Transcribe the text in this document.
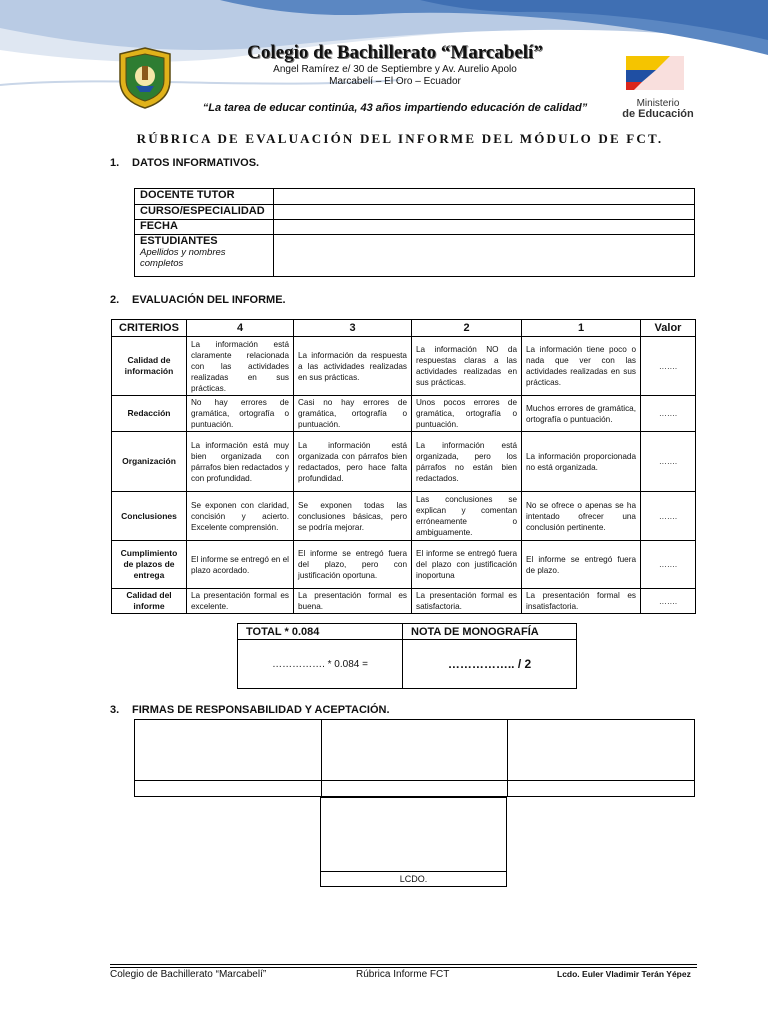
Ministerio
de Educación
Colegio de Bachillerato “Marcabelí”
Angel Ramírez e/ 30 de Septiembre y Av. Aurelio Apolo
Marcabelí – El Oro – Ecuador
“La tarea de educar continúa, 43 años impartiendo educación de calidad”
RÚBRICA DE EVALUACIÓN DEL INFORME DEL MÓDULO DE FCT.
1. DATOS INFORMATIVOS.
DOCENTE TUTOR	
CURSO/ESPECIALIDAD	
FECHA	
ESTUDIANTES
Apellidos y nombres completos	

2. EVALUACIÓN DEL INFORME.
CRITERIOS	4	3	2	1	Valor
Calidad de información	La información está claramente relacionada con las actividades realizadas en sus prácticas.	La información da respuesta a las actividades realizadas en sus prácticas.	La información NO da respuestas claras a las actividades realizadas en sus prácticas.	La información tiene poco o nada que ver con las actividades realizadas en sus prácticas.	…….
Redacción	No hay errores de gramática, ortografía o puntuación.	Casi no hay errores de gramática, ortografía o puntuación.	Unos pocos errores de gramática, ortografía o puntuación.	Muchos errores de gramática, ortografía o puntuación.	…….
Organización	La información está muy bien organizada con párrafos bien redactados y con profundidad.	La información está organizada con párrafos bien redactados, pero hace falta profundidad.	La información está organizada, pero los párrafos no están bien redactados.	La información proporcionada no está organizada.	…….
Conclusiones	Se exponen con claridad, concisión y acierto. Excelente comprensión.	Se exponen todas las conclusiones básicas, pero se podría mejorar.	Las conclusiones se explican y comentan erróneamente o ambiguamente.	No se ofrece o apenas se ha intentado ofrecer una conclusión pertinente.	…….
Cumplimiento de plazos de entrega	El informe se entregó en el plazo acordado.	El informe se entregó fuera del plazo, pero con justificación oportuna.	El informe se entregó fuera del plazo con justificación inoportuna	El informe se entregó fuera de plazo.	…….
Calidad del informe	La presentación formal es excelente.	La presentación formal es buena.	La presentación formal es satisfactoria.	La presentación formal es insatisfactoria.	…….
TOTAL * 0.084	NOTA DE MONOGRAFÍA
……………. * 0.084 =	…………….. / 2
3. FIRMAS DE RESPONSABILIDAD Y ACEPTACIÓN.

LCDO.
Colegio de Bachillerato “Marcabelí”	Rúbrica Informe FCT	Lcdo. Euler Vladimir Terán Yépez
